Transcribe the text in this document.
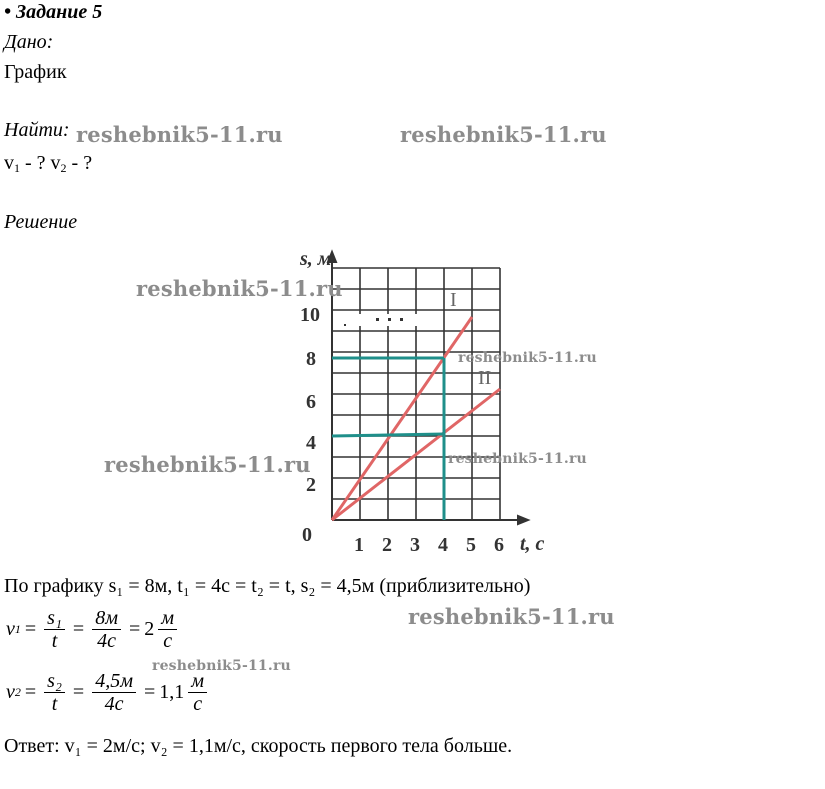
• Задание 5
Дано:
График
Найти:
$v_1$ - ? $v_2$ - ?
Решение
s, м
t, с
0
10
8
6
4
2
1 2 3 4 5 6
I
II
reshebnik5-11.ru	reshebnik5-11.ru
reshebnik5-11.ru
reshebnik5-11.ru
reshebnik5-11.ru
reshebnik5-11.ru
reshebnik5-11.ru
reshebnik5-11.ru
По графику s₁ = 8м, t₁ = 4с = t₂ = t, s₂ = 4,5м (приблизительно)
v $1 = \frac{\text{s₁}}{t} = \frac{8м}{4с} = 2 \frac{м}{с}$
v $2 = \frac{\text{s₂}}{t} = \frac{4,5м}{4с} = 1,1 \frac{м}{с}$
Ответ: v₁ = 2м/с; v₂ = 1,1м/с, скорость первого тела больше.
